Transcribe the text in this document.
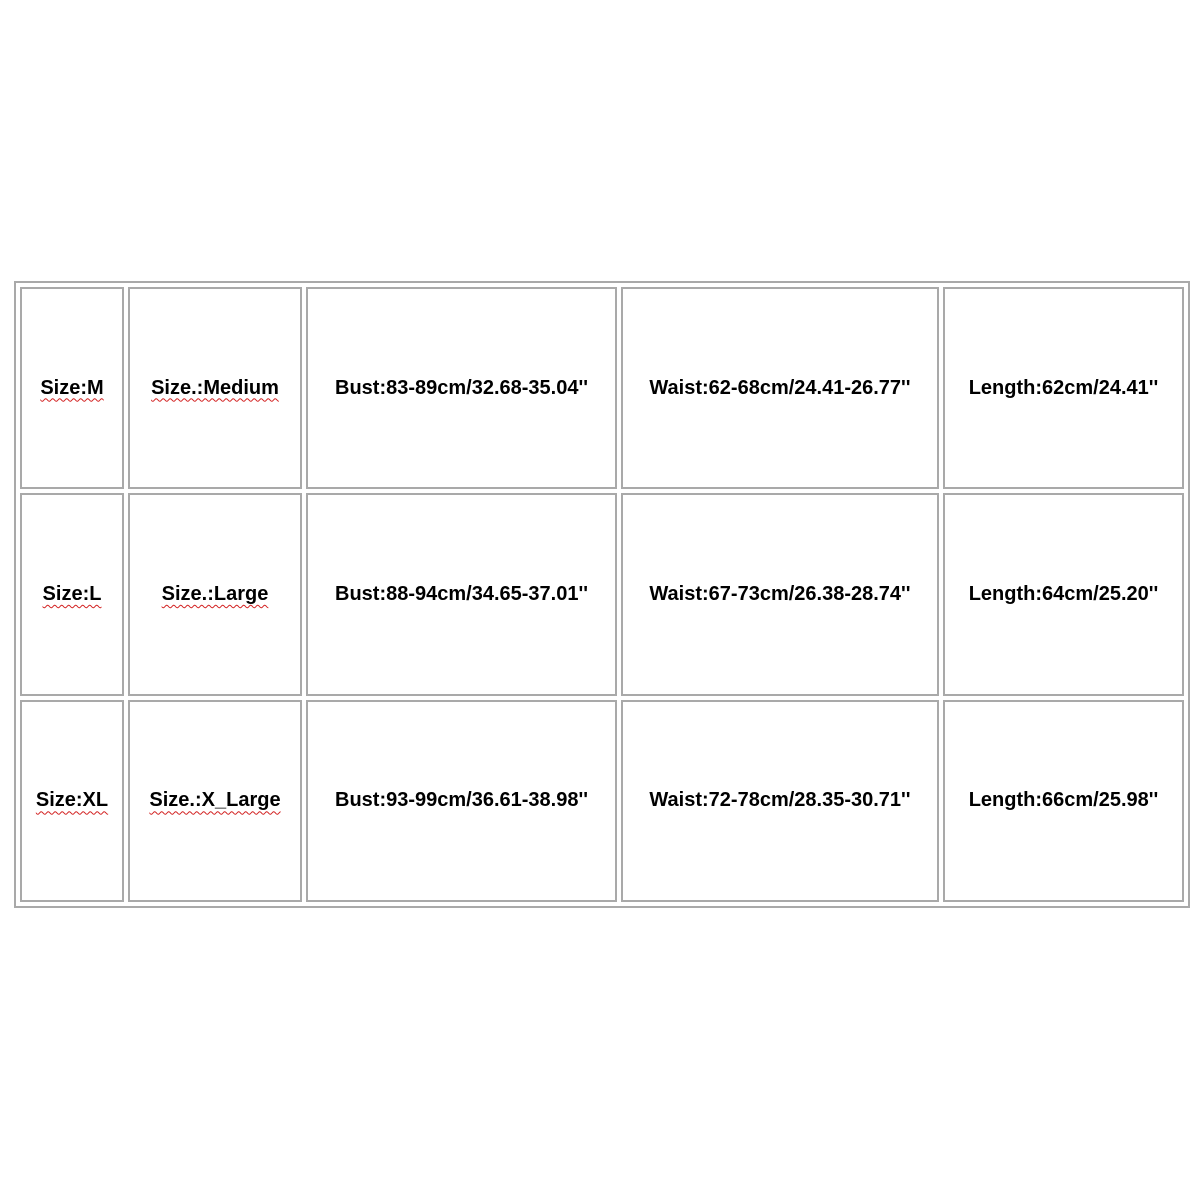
Size:M	Size.:Medium	Bust:83-89cm/32.68-35.04''	Waist:62-68cm/24.41-26.77''	Length:62cm/24.41''
Size:L	Size.:Large	Bust:88-94cm/34.65-37.01''	Waist:67-73cm/26.38-28.74''	Length:64cm/25.20''
Size:XL	Size.:X_Large	Bust:93-99cm/36.61-38.98''	Waist:72-78cm/28.35-30.71''	Length:66cm/25.98''
